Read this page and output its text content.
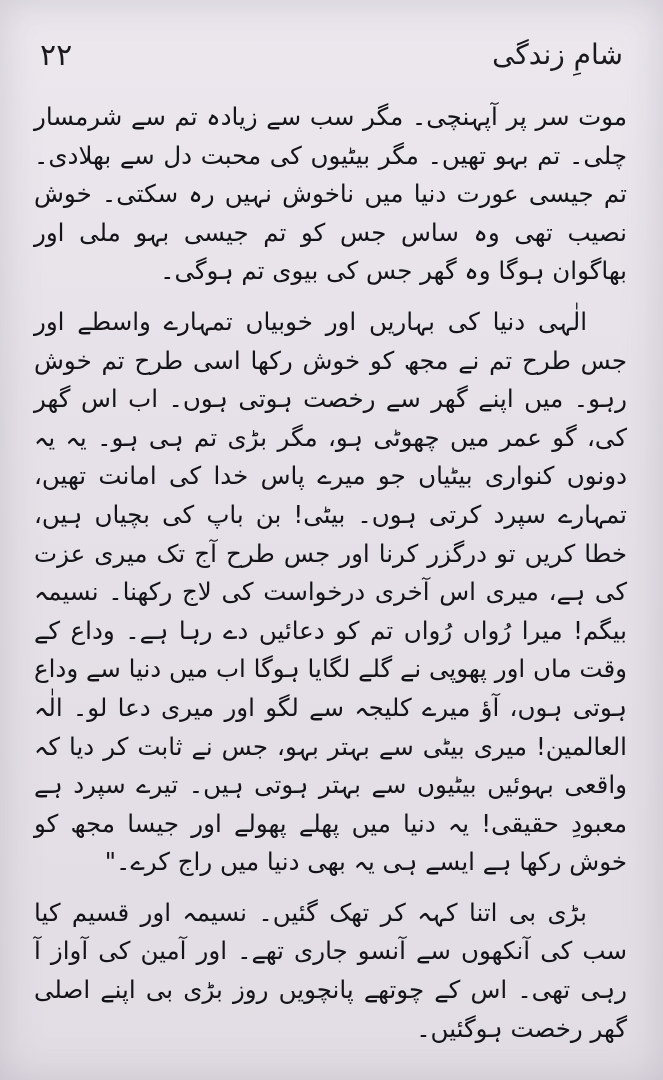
شامِ زندگی
۲۲

موت سر پر آپہنچی۔ مگر سب سے زیادہ تم سے شرمسار چلی۔ تم بہو تھیں۔ مگر بیٹیوں کی محبت دل سے بھلادی۔ تم جیسی عورت دنیا میں ناخوش نہیں رہ سکتی۔ خوش نصیب تھی وہ ساس جس کو تم جیسی بہو ملی اور بھاگوان ہوگا وہ گھر جس کی بیوی تم ہوگی۔

الٰہی دنیا کی بہاریں اور خوبیاں تمہارے واسطے اور جس طرح تم نے مجھ کو خوش رکھا اسی طرح تم خوش رہو۔ میں اپنے گھر سے رخصت ہوتی ہوں۔ اب اس گھر کی، گو عمر میں چھوٹی ہو، مگر بڑی تم ہی ہو۔ یہ یہ دونوں کنواری بیٹیاں جو میرے پاس خدا کی امانت تھیں، تمہارے سپرد کرتی ہوں۔ بیٹی! بن باپ کی بچیاں ہیں، خطا کریں تو درگزر کرنا اور جس طرح آج تک میری عزت کی ہے، میری اس آخری درخواست کی لاج رکھنا۔ نسیمہ بیگم! میرا رُواں رُواں تم کو دعائیں دے رہا ہے۔ وداع کے وقت ماں اور پھوپی نے گلے لگایا ہوگا اب میں دنیا سے وداع ہوتی ہوں، آؤ میرے کلیجہ سے لگو اور میری دعا لو۔ الٰہ العالمین! میری بیٹی سے بہتر بہو، جس نے ثابت کر دیا کہ واقعی بہوئیں بیٹیوں سے بہتر ہوتی ہیں۔ تیرے سپرد ہے معبودِ حقیقی! یہ دنیا میں پھلے پھولے اور جیسا مجھ کو خوش رکھا ہے ایسے ہی یہ بھی دنیا میں راج کرے۔"

بڑی بی اتنا کہہ کر تھک گئیں۔ نسیمہ اور قسیم کیا سب کی آنکھوں سے آنسو جاری تھے۔ اور آمین کی آواز آ رہی تھی۔ اس کے چوتھے پانچویں روز بڑی بی اپنے اصلی گھر رخصت ہوگئیں۔
